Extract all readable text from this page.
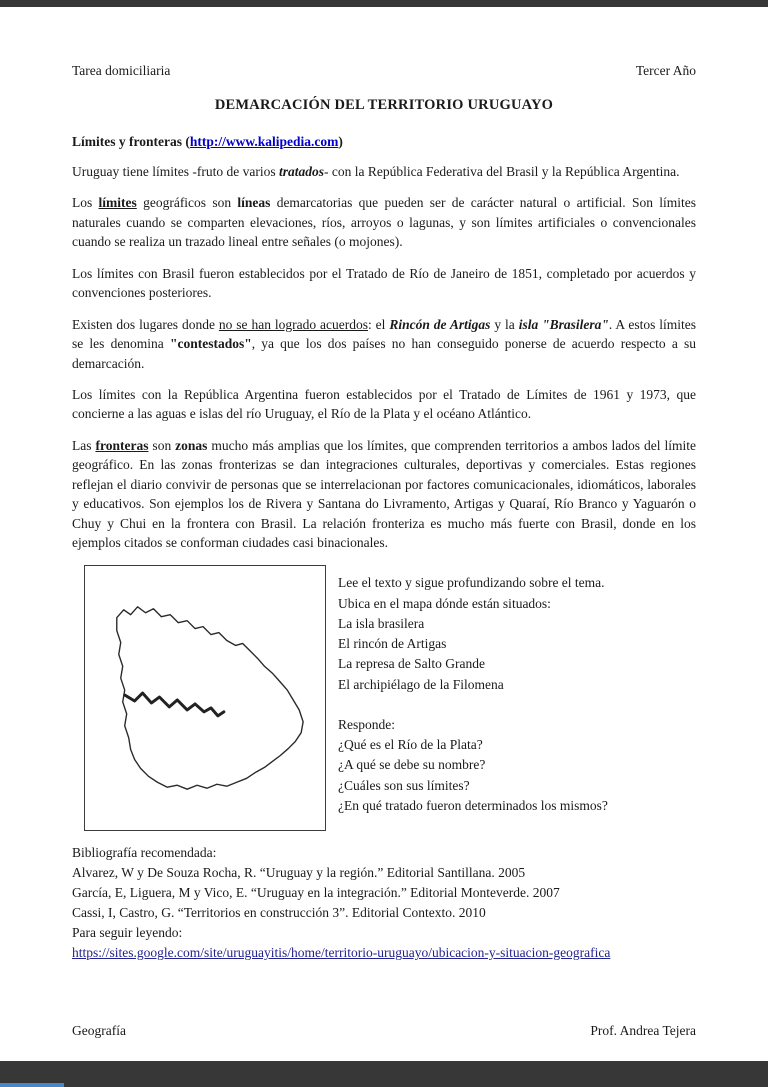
Tarea domiciliaria	Tercer Año
DEMARCACIÓN DEL TERRITORIO URUGUAYO

Límites y fronteras (http://www.kalipedia.com)

Uruguay tiene límites -fruto de varios tratados- con la República Federativa del Brasil y la República Argentina.

Los límites geográficos son líneas demarcatorias que pueden ser de carácter natural o artificial. Son límites naturales cuando se comparten elevaciones, ríos, arroyos o lagunas, y son límites artificiales o convencionales cuando se realiza un trazado lineal entre señales (o mojones).

Los límites con Brasil fueron establecidos por el Tratado de Río de Janeiro de 1851, completado por acuerdos y convenciones posteriores.

Existen dos lugares donde no se han logrado acuerdos: el Rincón de Artigas y la isla "Brasilera". A estos límites se les denomina "contestados", ya que los dos países no han conseguido ponerse de acuerdo respecto a su demarcación.

Los límites con la República Argentina fueron establecidos por el Tratado de Límites de 1961 y 1973, que concierne a las aguas e islas del río Uruguay, el Río de la Plata y el océano Atlántico.

Las fronteras son zonas mucho más amplias que los límites, que comprenden territorios a ambos lados del límite geográfico. En las zonas fronterizas se dan integraciones culturales, deportivas y comerciales. Estas regiones reflejan el diario convivir de personas que se interrelacionan por factores comunicacionales, idiomáticos, laborales y educativos. Son ejemplos los de Rivera y Santana do Livramento, Artigas y Quaraí, Río Branco y Yaguarón o Chuy y Chui en la frontera con Brasil. La relación fronteriza es mucho más fuerte con Brasil, donde en los ejemplos citados se conforman ciudades casi binacionales.

Lee el texto y sigue profundizando sobre el tema.
Ubica en el mapa dónde están situados:
La isla brasilera
El rincón de Artigas
La represa de Salto Grande
El archipiélago de la Filomena
Responde:
¿Qué es el Río de la Plata?
¿A qué se debe su nombre?
¿Cuáles son sus límites?
¿En qué tratado fueron determinados los mismos?
Bibliografía recomendada:
Alvarez, W y De Souza Rocha, R. “Uruguay y la región.” Editorial Santillana. 2005
García, E, Liguera, M y Vico, E. “Uruguay en la integración.” Editorial Monteverde. 2007
Cassi, I, Castro, G. “Territorios en construcción 3”. Editorial Contexto. 2010
Para seguir leyendo:
https://sites.google.com/site/uruguayitis/home/territorio-uruguayo/ubicacion-y-situacion-geografica
Geografía	Prof. Andrea Tejera
